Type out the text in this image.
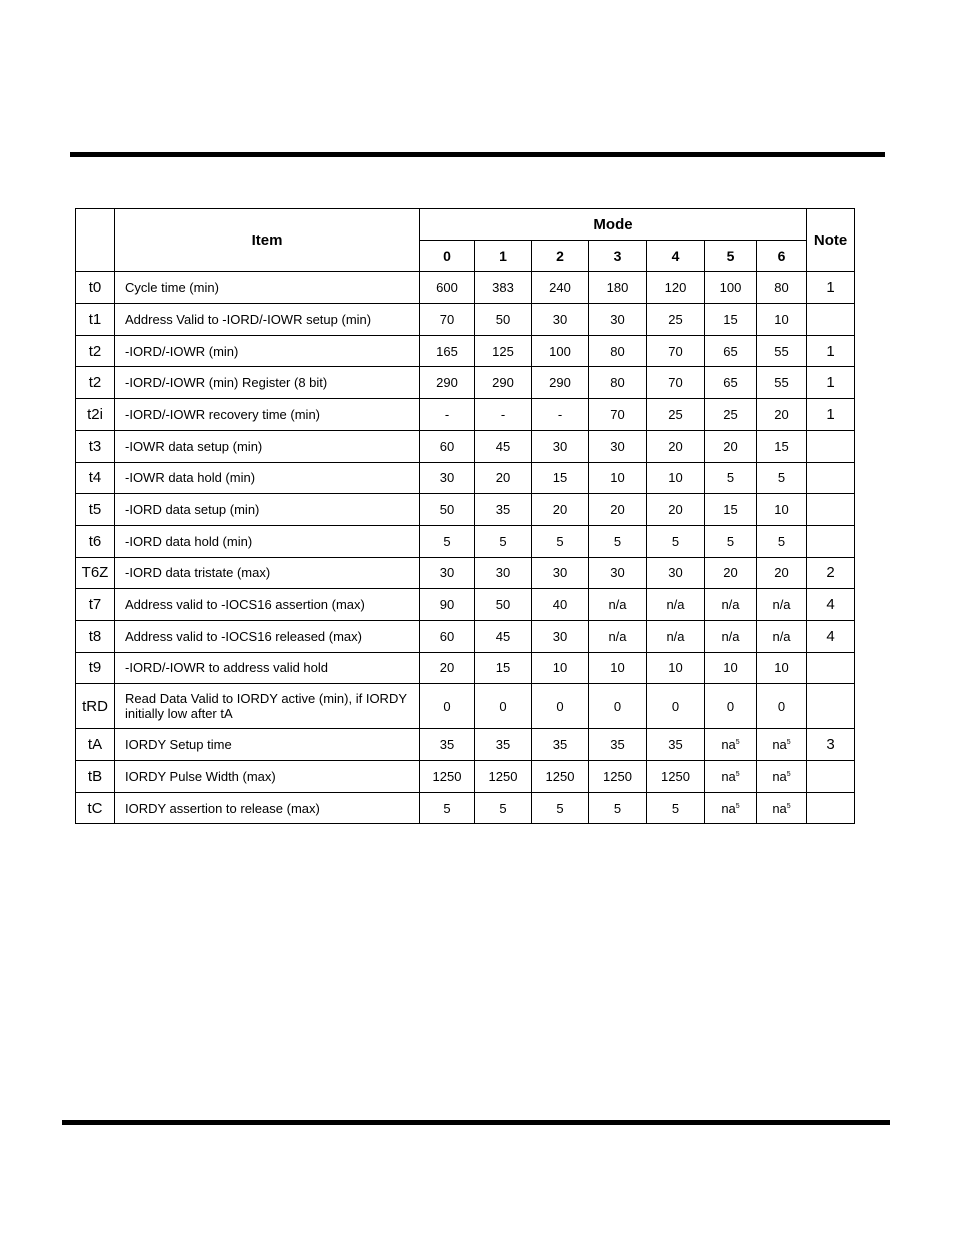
	Item	Mode							Note
		0	1	2	3	4	5	6	
t0	Cycle time (min)	600	383	240	180	120	100	80	1
t1	Address Valid to -IORD/-IOWR setup (min)	70	50	30	30	25	15	10	
t2	-IORD/-IOWR (min)	165	125	100	80	70	65	55	1
t2	-IORD/-IOWR (min) Register (8 bit)	290	290	290	80	70	65	55	1
t2i	-IORD/-IOWR recovery time (min)	-	-	-	70	25	25	20	1
t3	-IOWR data setup (min)	60	45	30	30	20	20	15	
t4	-IOWR data hold (min)	30	20	15	10	10	5	5	
t5	-IORD data setup (min)	50	35	20	20	20	15	10	
t6	-IORD data hold (min)	5	5	5	5	5	5	5	
T6Z	-IORD data tristate (max)	30	30	30	30	30	20	20	2
t7	Address valid to -IOCS16 assertion (max)	90	50	40	n/a	n/a	n/a	n/a	4
t8	Address valid to -IOCS16 released (max)	60	45	30	n/a	n/a	n/a	n/a	4
t9	-IORD/-IOWR to address valid hold	20	15	10	10	10	10	10	
tRD	Read Data Valid to IORDY active (min), if IORDY initially low after tA	0	0	0	0	0	0	0	
tA	IORDY Setup time	35	35	35	35	35	$na^5$	$na^5$	3
tB	IORDY Pulse Width (max)	1250	1250	1250	1250	1250	$na^5$	$na^5$	
tC	IORDY assertion to release (max)	5	5	5	5	5	$na^5$	$na^5$	
